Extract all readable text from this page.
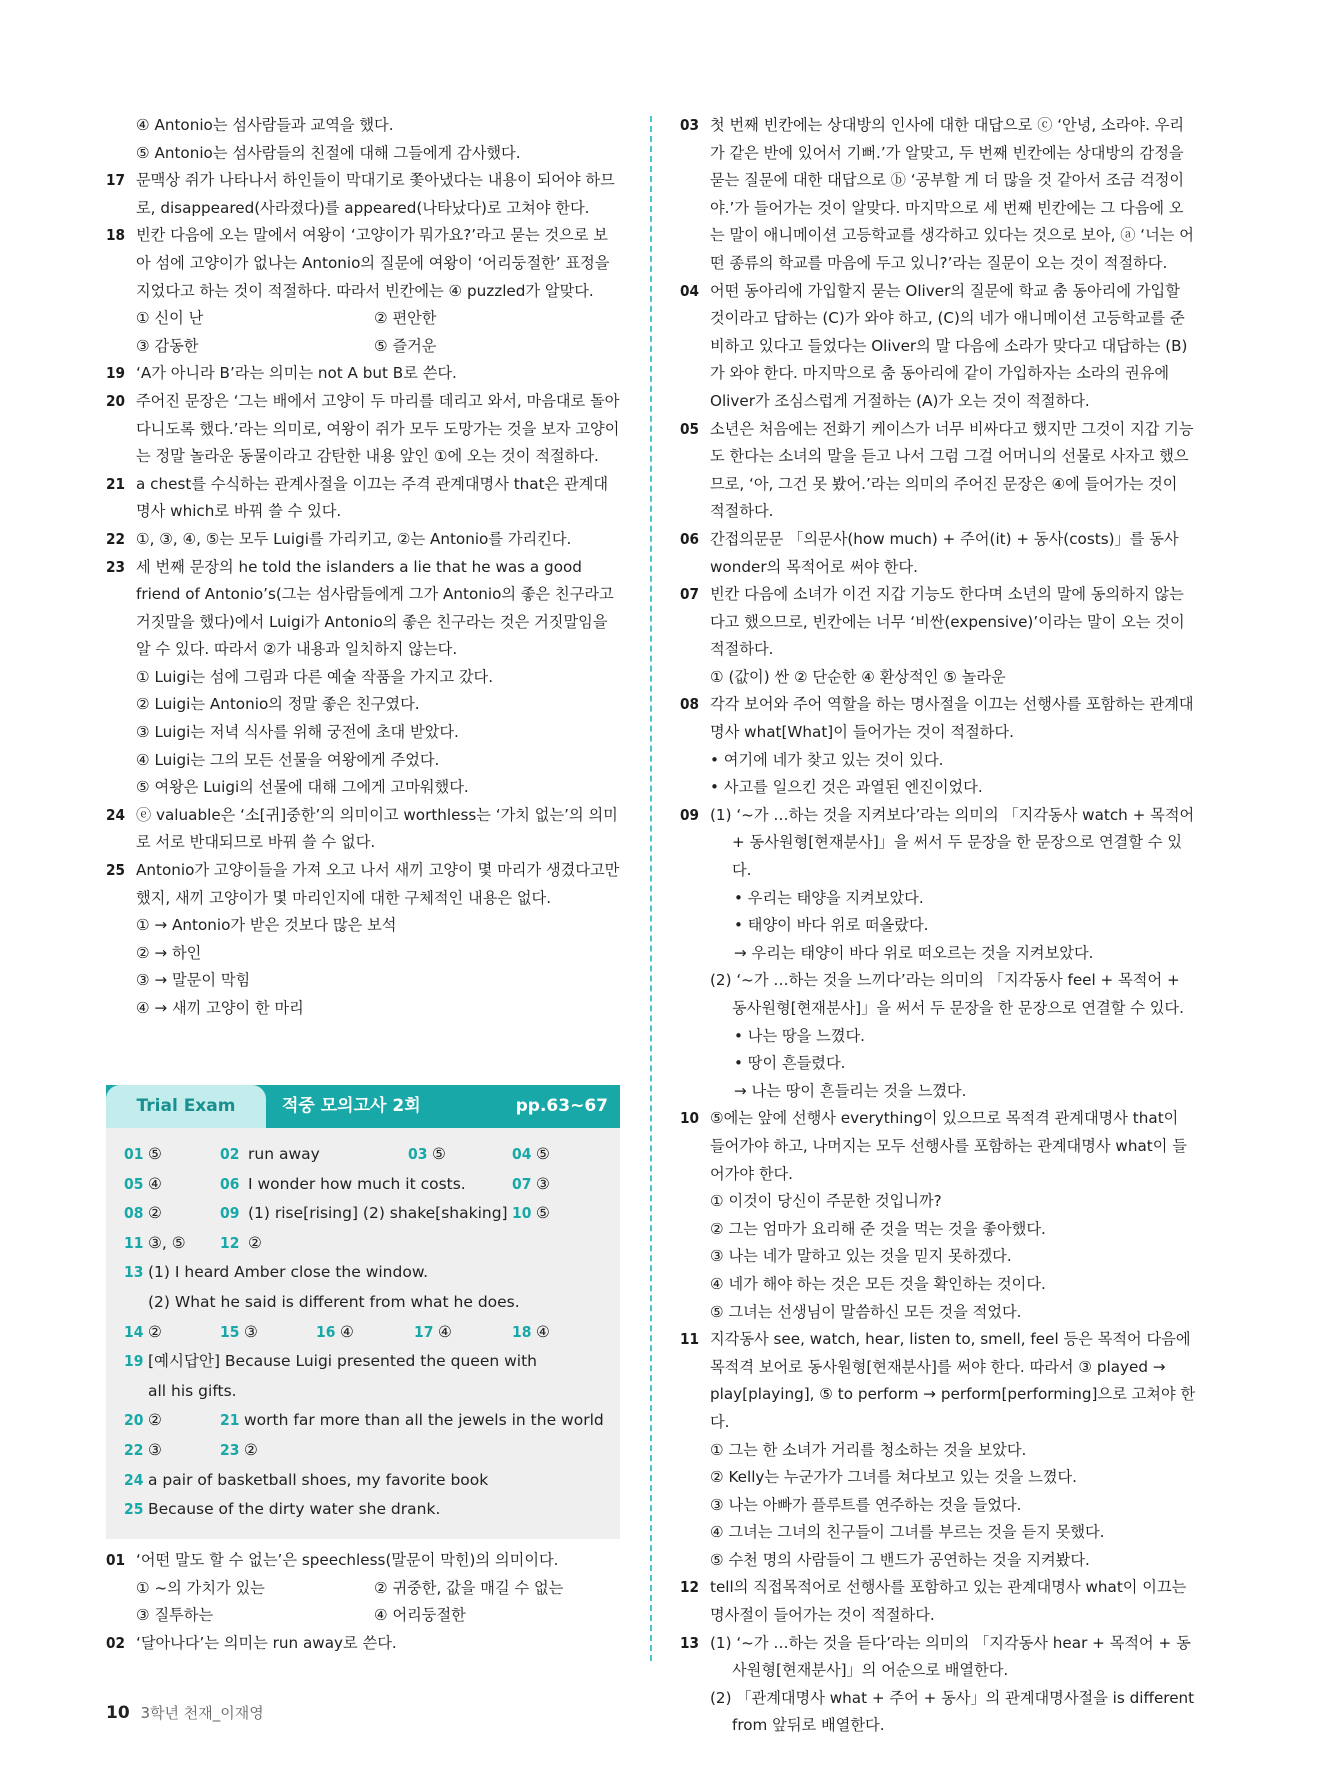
④ Antonio는 섬사람들과 교역을 했다.
⑤ Antonio는 섬사람들의 친절에 대해 그들에게 감사했다.
17 문맥상 쥐가 나타나서 하인들이 막대기로 쫓아냈다는 내용이 되어야 하므로, disappeared(사라졌다)를 appeared(나타났다)로 고쳐야 한다.
18 빈칸 다음에 오는 말에서 여왕이 ‘고양이가 뭐가요?’라고 묻는 것으로 보아 섬에 고양이가 없나는 Antonio의 질문에 여왕이 ‘어리둥절한’ 표정을 지었다고 하는 것이 적절하다. 따라서 빈칸에는 ④ puzzled가 알맞다.
① 신이 난	② 편안한
③ 감동한	⑤ 즐거운
19 ‘A가 아니라 B’라는 의미는 not A but B로 쓴다.
20 주어진 문장은 ‘그는 배에서 고양이 두 마리를 데리고 와서, 마음대로 돌아다니도록 했다.’라는 의미로, 여왕이 쥐가 모두 도망가는 것을 보자 고양이는 정말 놀라운 동물이라고 감탄한 내용 앞인 ①에 오는 것이 적절하다.
21 a chest를 수식하는 관계사절을 이끄는 주격 관계대명사 that은 관계대명사 which로 바꿔 쓸 수 있다.
22 ①, ③, ④, ⑤는 모두 Luigi를 가리키고, ②는 Antonio를 가리킨다.
23 세 번째 문장의 he told the islanders a lie that he was a good friend of Antonio’s(그는 섬사람들에게 그가 Antonio의 좋은 친구라고 거짓말을 했다)에서 Luigi가 Antonio의 좋은 친구라는 것은 거짓말임을 알 수 있다. 따라서 ②가 내용과 일치하지 않는다.
① Luigi는 섬에 그림과 다른 예술 작품을 가지고 갔다.
② Luigi는 Antonio의 정말 좋은 친구였다.
③ Luigi는 저녁 식사를 위해 궁전에 초대 받았다.
④ Luigi는 그의 모든 선물을 여왕에게 주었다.
⑤ 여왕은 Luigi의 선물에 대해 그에게 고마워했다.
24 ⓔ valuable은 ‘소[귀]중한’의 의미이고 worthless는 ‘가치 없는’의 의미로 서로 반대되므로 바꿔 쓸 수 없다.
25 Antonio가 고양이들을 가져 오고 나서 새끼 고양이 몇 마리가 생겼다고만 했지, 새끼 고양이가 몇 마리인지에 대한 구체적인 내용은 없다.
① → Antonio가 받은 것보다 많은 보석
② → 하인
③ → 말문이 막힘
④ → 새끼 고양이 한 마리
Trial Exam	적중 모의고사 2회	pp.63~67
01 ⑤	02 run away	03 ⑤	04 ⑤
05 ④	06 I wonder how much it costs.	07 ③
08 ②	09 (1) rise[rising] (2) shake[shaking] 10 ⑤
11 ③, ⑤ 12 ②
13 (1) I heard Amber close the window.
(2) What he said is different from what he does.
14 ②	15 ③	16 ④	17 ④	18 ④
19 [예시답안] Because Luigi presented the queen with all his gifts.
20 ②	21 worth far more than all the jewels in the world
22 ③	23 ②
24 a pair of basketball shoes, my favorite book
25 Because of the dirty water she drank.
01 ‘어떤 말도 할 수 없는’은 speechless(말문이 막힌)의 의미이다.
① ~의 가치가 있는	② 귀중한, 값을 매길 수 없는
③ 질투하는	④ 어리둥절한
02 ‘달아나다’는 의미는 run away로 쓴다.
03 첫 번째 빈칸에는 상대방의 인사에 대한 대답으로 ⓒ ‘안녕, 소라야. 우리가 같은 반에 있어서 기뻐.’가 알맞고, 두 번째 빈칸에는 상대방의 감정을 묻는 질문에 대한 대답으로 ⓑ ‘공부할 게 더 많을 것 같아서 조금 걱정이야.’가 들어가는 것이 알맞다. 마지막으로 세 번째 빈칸에는 그 다음에 오는 말이 애니메이션 고등학교를 생각하고 있다는 것으로 보아, ⓐ ‘너는 어떤 종류의 학교를 마음에 두고 있니?’라는 질문이 오는 것이 적절하다.
04 어떤 동아리에 가입할지 묻는 Oliver의 질문에 학교 춤 동아리에 가입할 것이라고 답하는 (C)가 와야 하고, (C)의 네가 애니메이션 고등학교를 준비하고 있다고 들었다는 Oliver의 말 다음에 소라가 맞다고 대답하는 (B)가 와야 한다. 마지막으로 춤 동아리에 같이 가입하자는 소라의 권유에 Oliver가 조심스럽게 거절하는 (A)가 오는 것이 적절하다.
05 소년은 처음에는 전화기 케이스가 너무 비싸다고 했지만 그것이 지갑 기능도 한다는 소녀의 말을 듣고 나서 그럼 그걸 어머니의 선물로 사자고 했으므로, ‘아, 그건 못 봤어.’라는 의미의 주어진 문장은 ④에 들어가는 것이 적절하다.
06 간접의문문 「의문사(how much) + 주어(it) + 동사(costs)」를 동사wonder의 목적어로 써야 한다.
07 빈칸 다음에 소녀가 이건 지갑 기능도 한다며 소년의 말에 동의하지 않는다고 했으므로, 빈칸에는 너무 ‘비싼(expensive)’이라는 말이 오는 것이 적절하다.
① (값이) 싼 ② 단순한 ④ 환상적인 ⑤ 놀라운
08 각각 보어와 주어 역할을 하는 명사절을 이끄는 선행사를 포함하는 관계대명사 what[What]이 들어가는 것이 적절하다.
• 여기에 네가 찾고 있는 것이 있다.
• 사고를 일으킨 것은 과열된 엔진이었다.
09 (1) ‘~가 …하는 것을 지켜보다’라는 의미의 「지각동사 watch + 목적어 + 동사원형[현재분사]」을 써서 두 문장을 한 문장으로 연결할 수 있다.
• 우리는 태양을 지켜보았다.
• 태양이 바다 위로 떠올랐다.
→ 우리는 태양이 바다 위로 떠오르는 것을 지켜보았다.
(2) ‘~가 …하는 것을 느끼다’라는 의미의 「지각동사 feel + 목적어 + 동사원형[현재분사]」을 써서 두 문장을 한 문장으로 연결할 수 있다.
• 나는 땅을 느꼈다.
• 땅이 흔들렸다.
→ 나는 땅이 흔들리는 것을 느꼈다.
10 ⑤에는 앞에 선행사 everything이 있으므로 목적격 관계대명사 that이 들어가야 하고, 나머지는 모두 선행사를 포함하는 관계대명사 what이 들어가야 한다.
① 이것이 당신이 주문한 것입니까?
② 그는 엄마가 요리해 준 것을 먹는 것을 좋아했다.
③ 나는 네가 말하고 있는 것을 믿지 못하겠다.
④ 네가 해야 하는 것은 모든 것을 확인하는 것이다.
⑤ 그녀는 선생님이 말씀하신 모든 것을 적었다.
11 지각동사 see, watch, hear, listen to, smell, feel 등은 목적어 다음에 목적격 보어로 동사원형[현재분사]를 써야 한다. 따라서 ③ played → play[playing], ⑤ to perform → perform[performing]으로 고쳐야 한다.
① 그는 한 소녀가 거리를 청소하는 것을 보았다.
② Kelly는 누군가가 그녀를 쳐다보고 있는 것을 느꼈다.
③ 나는 아빠가 플루트를 연주하는 것을 들었다.
④ 그녀는 그녀의 친구들이 그녀를 부르는 것을 듣지 못했다.
⑤ 수천 명의 사람들이 그 밴드가 공연하는 것을 지켜봤다.
12 tell의 직접목적어로 선행사를 포함하고 있는 관계대명사 what이 이끄는 명사절이 들어가는 것이 적절하다.
13 (1) ‘~가 …하는 것을 듣다’라는 의미의 「지각동사 hear + 목적어 + 동사원형[현재분사]」의 어순으로 배열한다.
(2) 「관계대명사 what + 주어 + 동사」의 관계대명사절을 is different from 앞뒤로 배열한다.
10 3학년 천재_이재영
